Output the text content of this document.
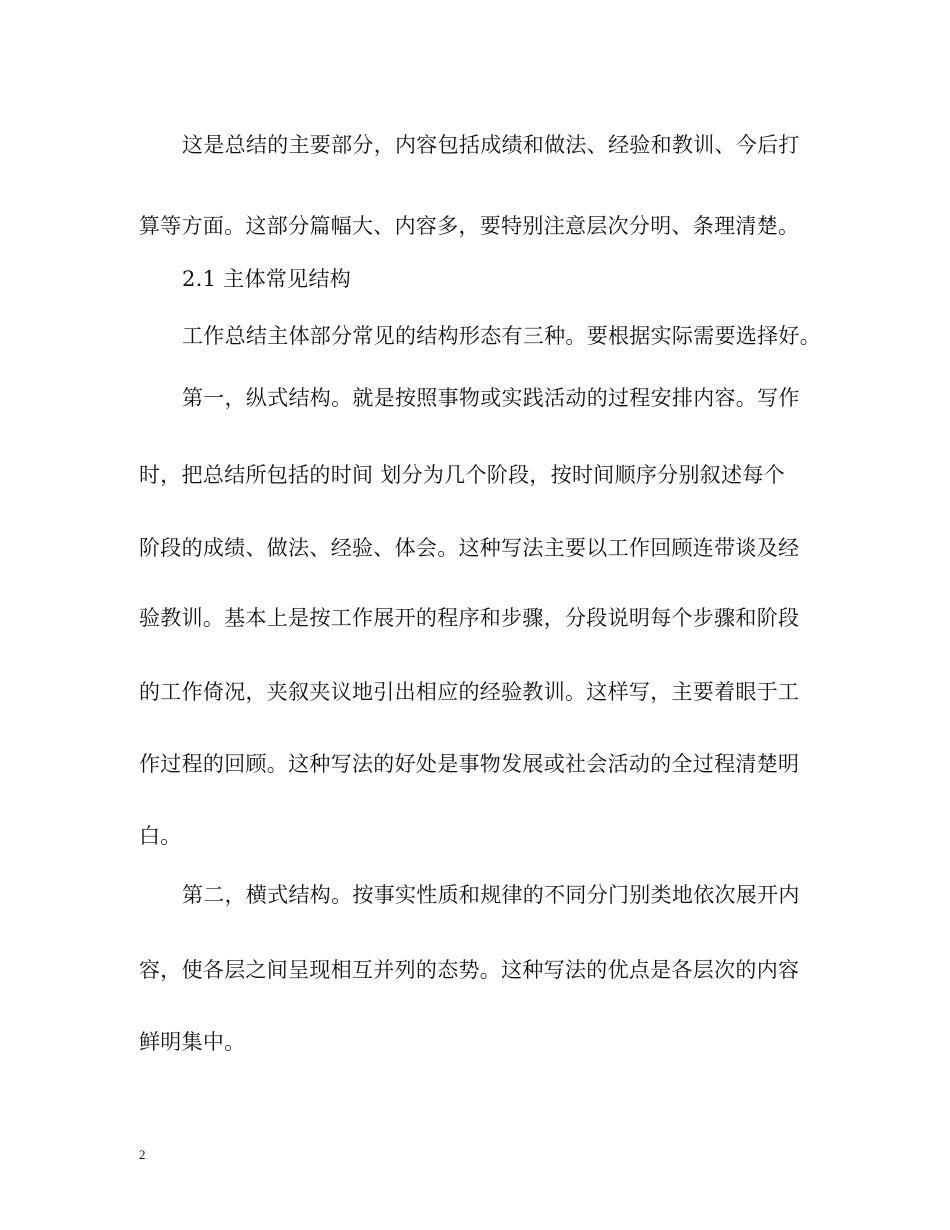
这是总结的主要部分，内容包括成绩和做法、经验和教训、今后打
算等方面。这部分篇幅大、内容多，要特别注意层次分明、条理清楚。
2.1 主体常见结构
工作总结主体部分常见的结构形态有三种。要根据实际需要选择好。
第一，纵式结构。就是按照事物或实践活动的过程安排内容。写作
时，把总结所包括的时间 划分为几个阶段，按时间顺序分别叙述每个
阶段的成绩、做法、经验、体会。这种写法主要以工作回顾连带谈及经
验教训。基本上是按工作展开的程序和步骤，分段说明每个步骤和阶段
的工作倚况，夹叙夹议地引出相应的经验教训。这样写，主要着眼于工
作过程的回顾。这种写法的好处是事物发展或社会活动的全过程清楚明
白。
第二，横式结构。按事实性质和规律的不同分门别类地依次展开内
容，使各层之间呈现相互并列的态势。这种写法的优点是各层次的内容
鲜明集中。
2
